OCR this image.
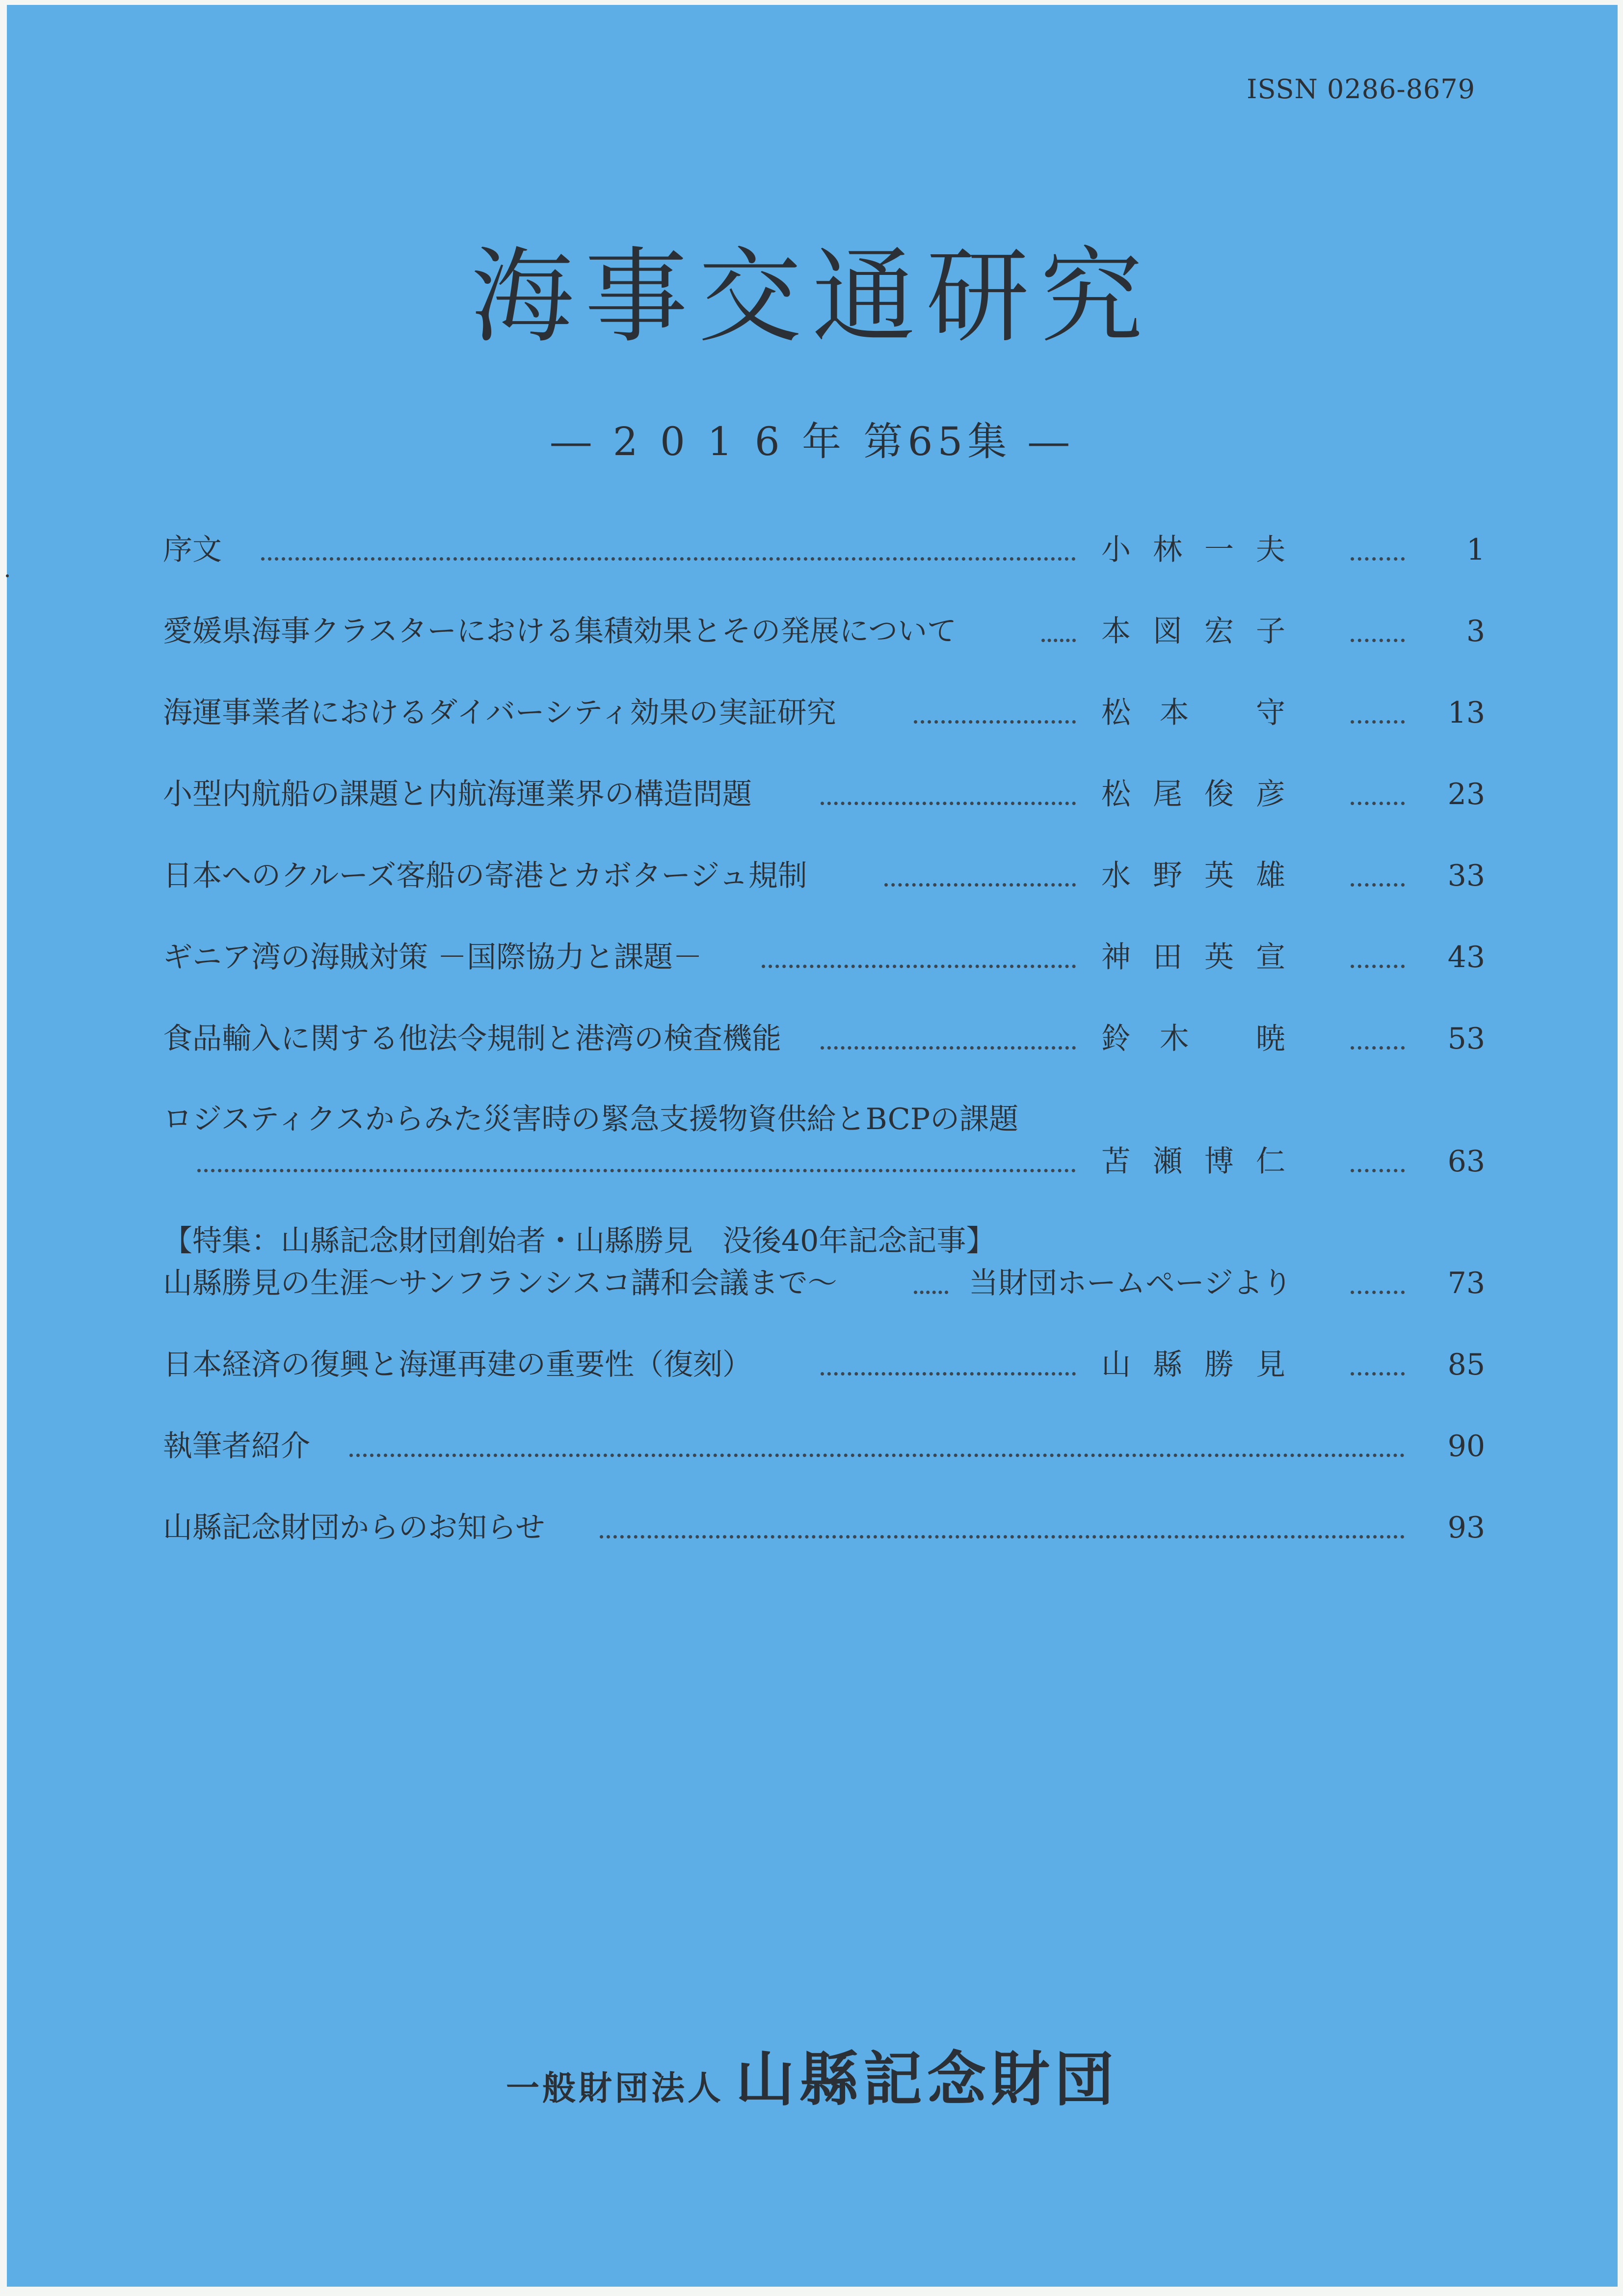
ISSN 0286-8679
海事交通研究
― 2 0 1 6 年 第65集 ―
序文	小林一夫	1
愛媛県海事クラスターにおける集積効果とその発展について	本図宏子	3
海運事業者におけるダイバーシティ効果の実証研究	松本 守	13
小型内航船の課題と内航海運業界の構造問題	松尾俊彦	23
日本へのクルーズ客船の寄港とカボタージュ規制	水野英雄	33
ギニア湾の海賊対策 －国際協力と課題－	神田英宣	43
食品輸入に関する他法令規制と港湾の検査機能	鈴木 暁	53
ロジスティクスからみた災害時の緊急支援物資供給とBCPの課題
苫瀬博仁	63
【特集：山縣記念財団創始者・山縣勝見　没後40年記念記事】
山縣勝見の生涯～サンフランシスコ講和会議まで～	当財団ホームページより	73
日本経済の復興と海運再建の重要性（復刻）	山縣勝見	85
執筆者紹介	90
山縣記念財団からのお知らせ	93
一般財団法人 山縣記念財団
